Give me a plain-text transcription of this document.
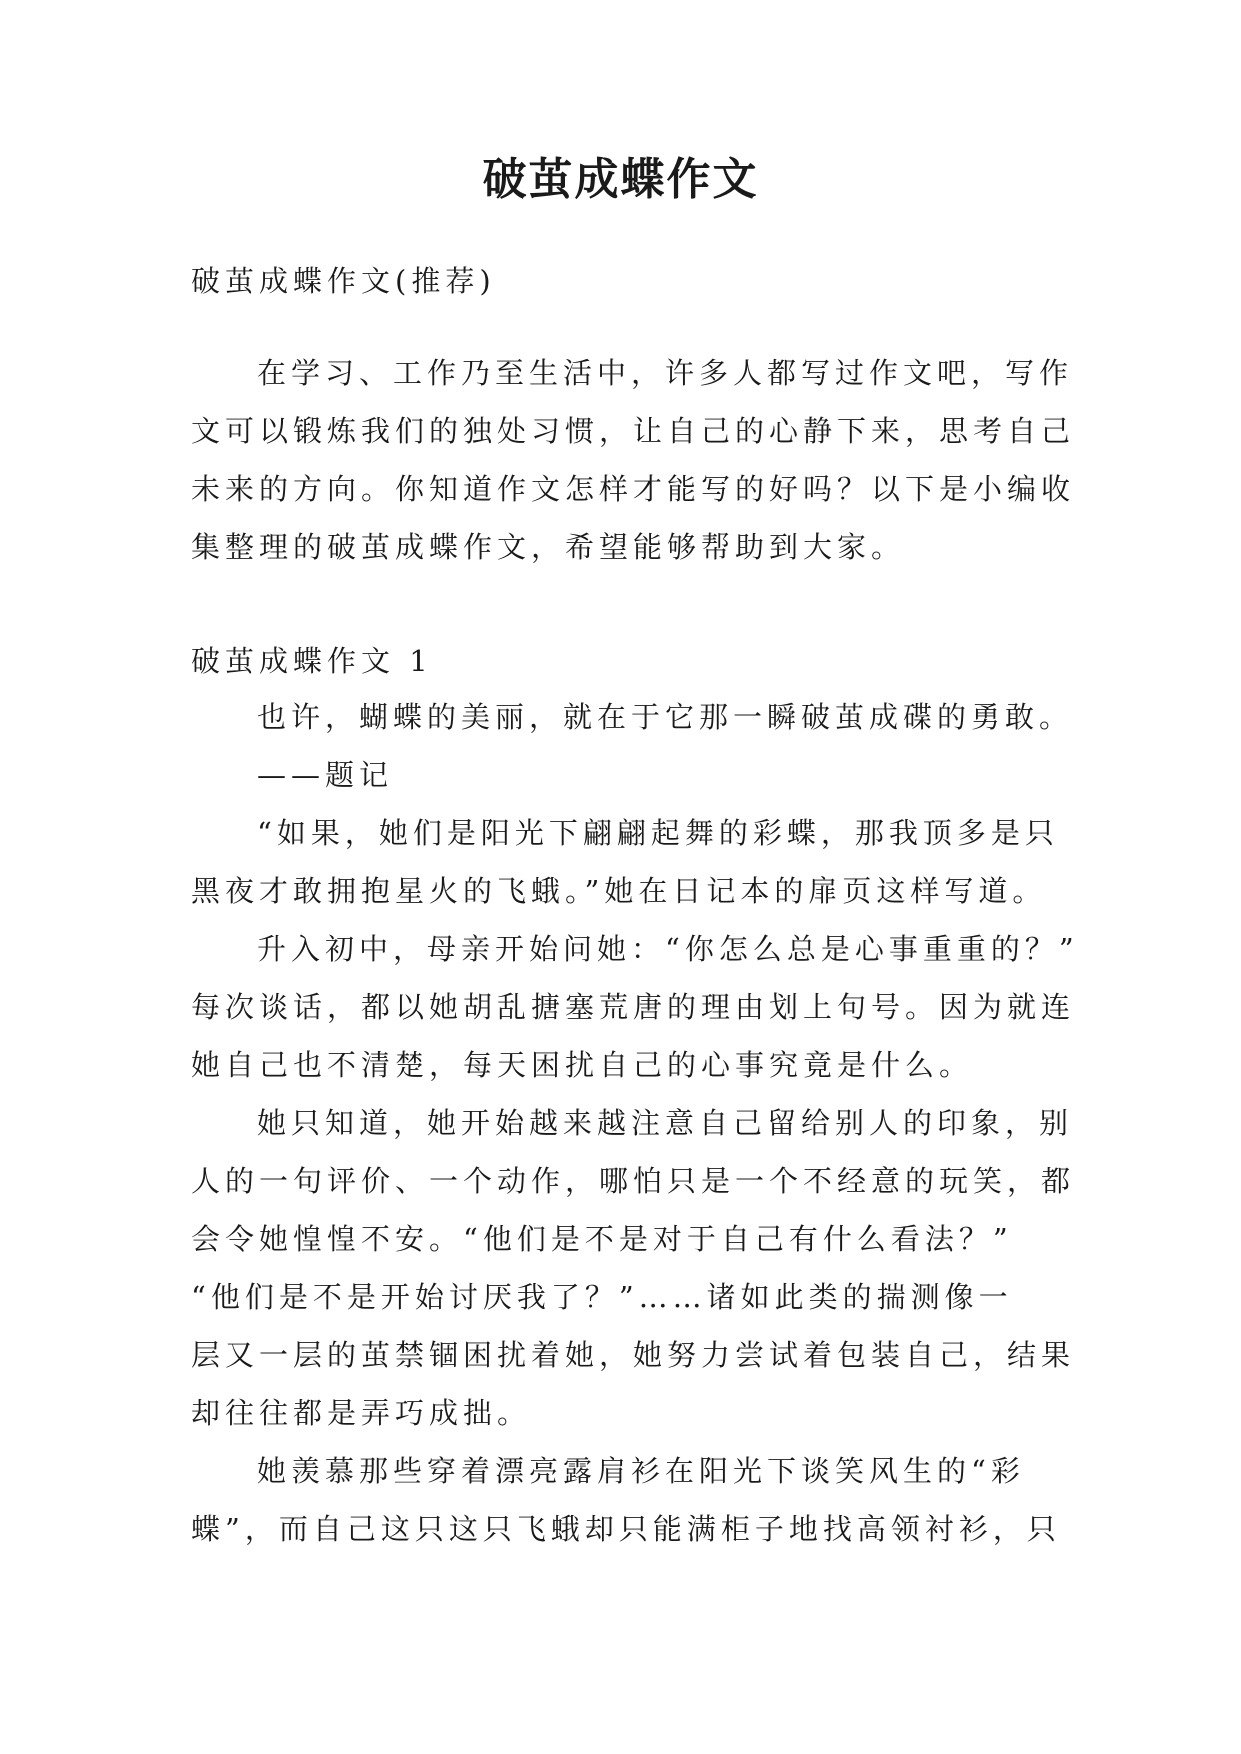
破茧成蝶作文
破茧成蝶作文(推荐)
在学习、工作乃至生活中，许多人都写过作文吧，写作
文可以锻炼我们的独处习惯，让自己的心静下来，思考自己
未来的方向。你知道作文怎样才能写的好吗？以下是小编收
集整理的破茧成蝶作文，希望能够帮助到大家。
破茧成蝶作文 1
也许，蝴蝶的美丽，就在于它那一瞬破茧成碟的勇敢。
——题记
“如果，她们是阳光下翩翩起舞的彩蝶，那我顶多是只
黑夜才敢拥抱星火的飞蛾。”她在日记本的扉页这样写道。
升入初中，母亲开始问她：“你怎么总是心事重重的？”
每次谈话，都以她胡乱搪塞荒唐的理由划上句号。因为就连
她自己也不清楚，每天困扰自己的心事究竟是什么。
她只知道，她开始越来越注意自己留给别人的印象，别
人的一句评价、一个动作，哪怕只是一个不经意的玩笑，都
会令她惶惶不安。“他们是不是对于自己有什么看法？”
“他们是不是开始讨厌我了？”……诸如此类的揣测像一
层又一层的茧禁锢困扰着她，她努力尝试着包装自己，结果
却往往都是弄巧成拙。
她羡慕那些穿着漂亮露肩衫在阳光下谈笑风生的“彩
蝶”，而自己这只这只飞蛾却只能满柜子地找高领衬衫，只
